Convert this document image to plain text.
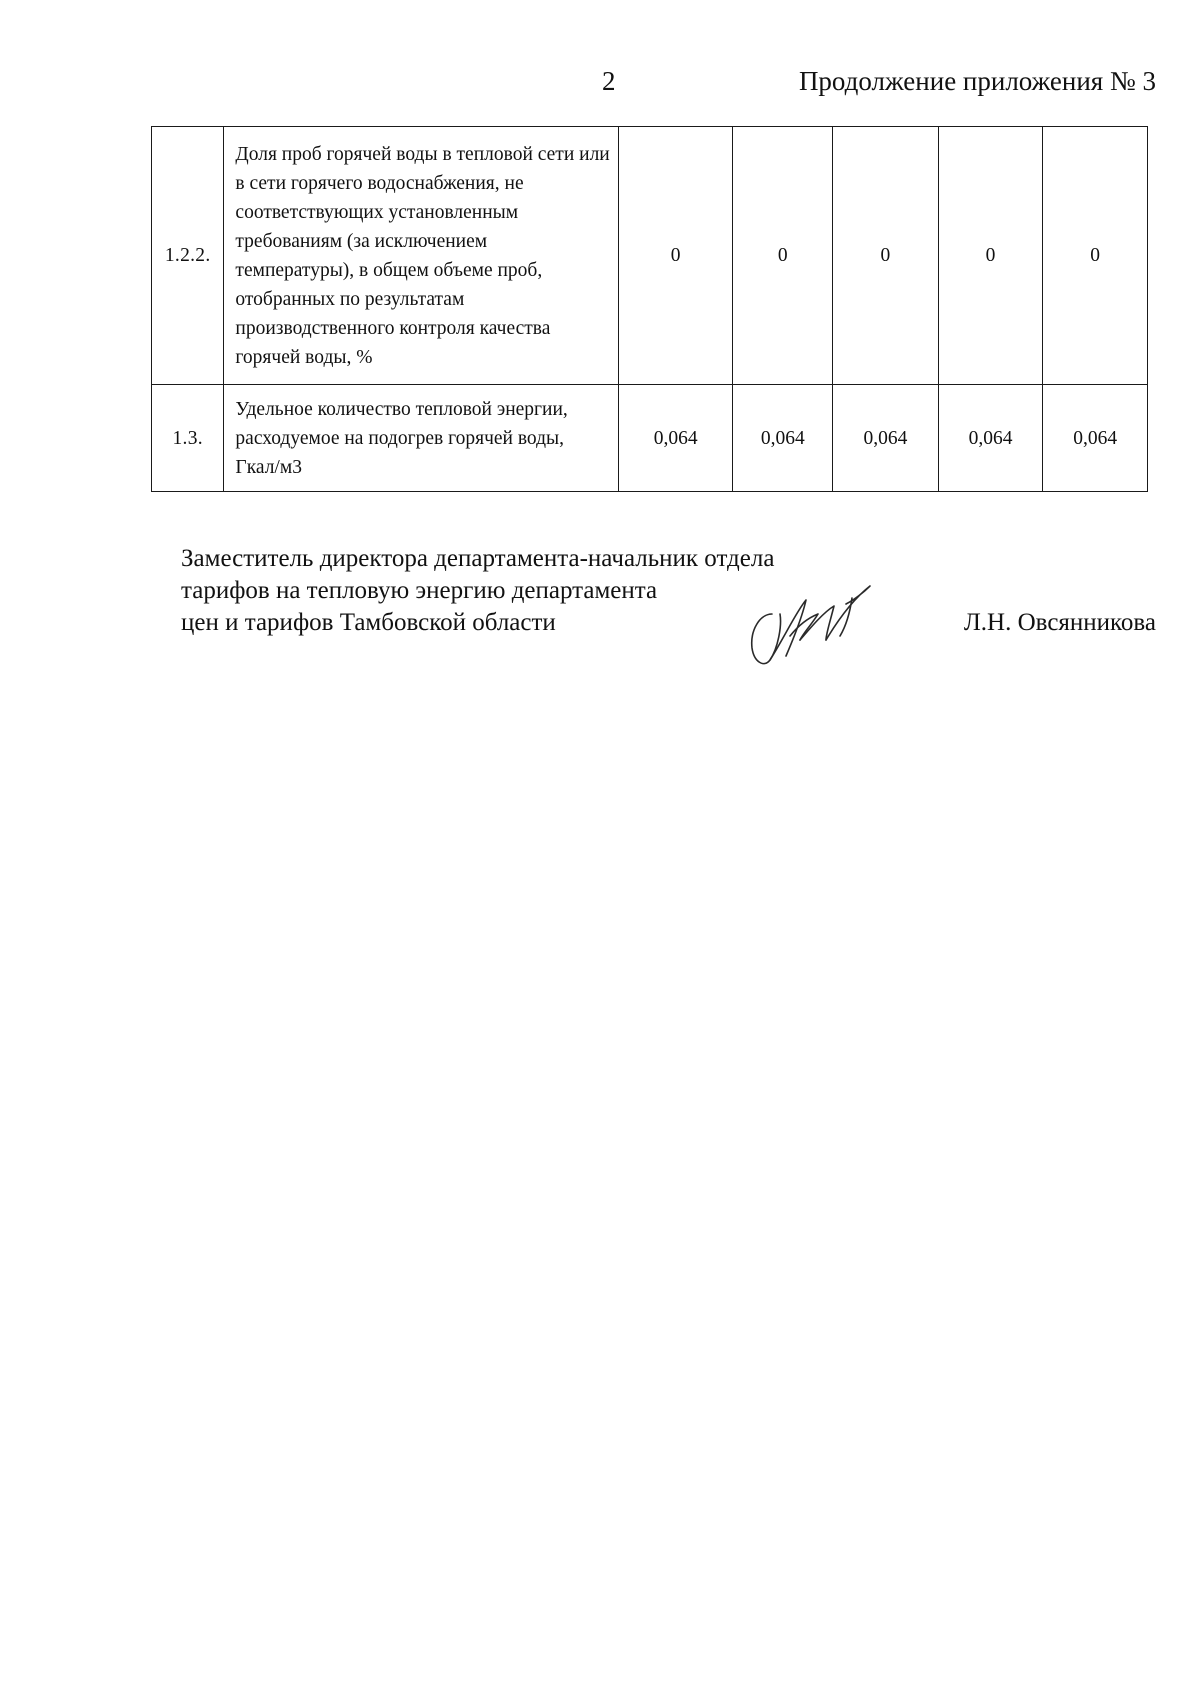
2	Продолжение приложения № 3
1.2.2.	Доля проб горячей воды в тепловой сети или в сети горячего водоснабжения, не соответствующих установленным требованиям (за исключением температуры), в общем объеме проб, отобранных по результатам производственного контроля качества горячей воды, %	0	0	0	0	0
1.3.	Удельное количество тепловой энергии, расходуемое на подогрев горячей воды, Гкал/м3	0,064	0,064	0,064	0,064	0,064
Заместитель директора департамента-начальник отдела
тарифов на тепловую энергию департамента
цен и тарифов Тамбовской области	Л.Н. Овсянникова
